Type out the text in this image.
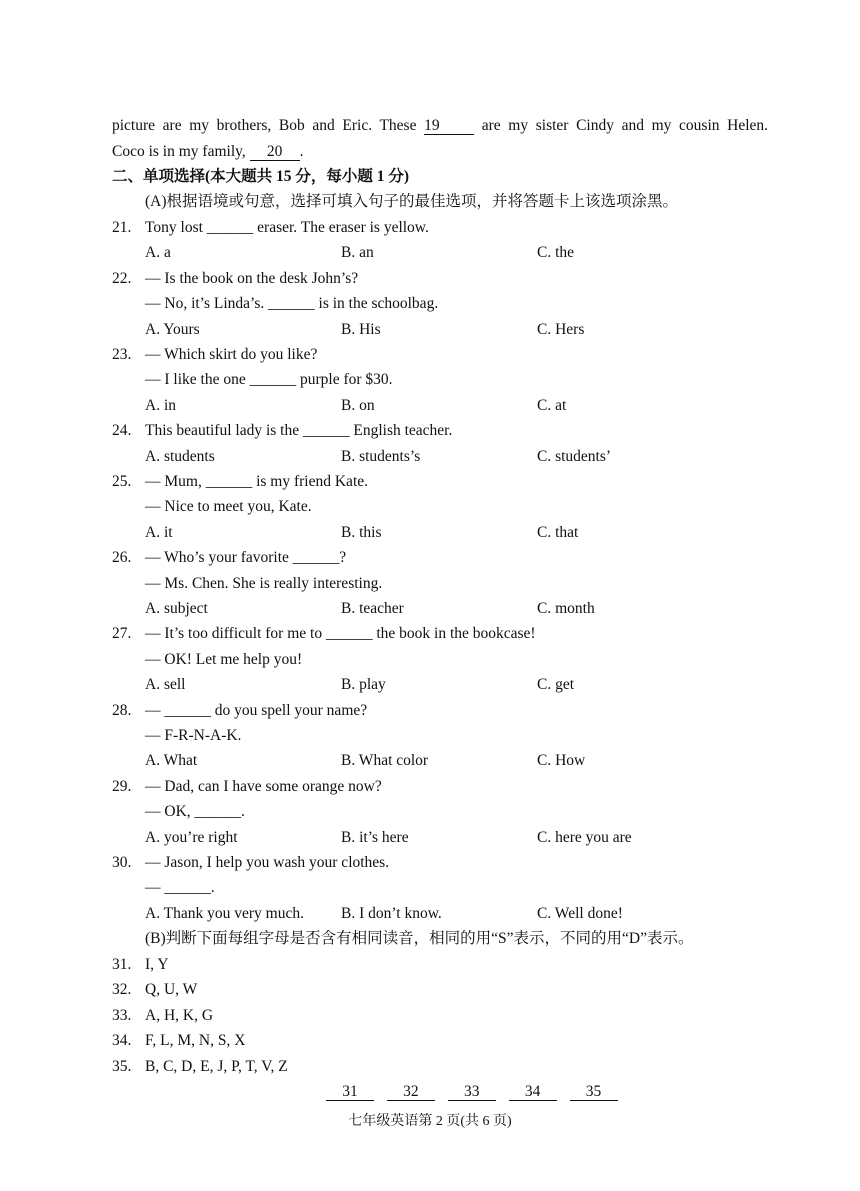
picture are my brothers, Bob and Eric. These 19	are my sister Cindy and my cousin Helen.
Coco is in my family, 20 .
二、单项选择(本大题共 15 分，每小题 1 分)
(A)根据语境或句意，选择可填入句子的最佳选项，并将答题卡上该选项涂黑。
21. Tony lost ______ eraser. The eraser is yellow.
A. a	B. an	C. the
22. — Is the book on the desk John’s?
— No, it’s Linda’s. ______ is in the schoolbag.
A. Yours	B. His	C. Hers
23. — Which skirt do you like?
— I like the one ______ purple for $30.
A. in	B. on	C. at
24. This beautiful lady is the ______ English teacher.
A. students	B. students’s	C. students’
25. — Mum, ______ is my friend Kate.
— Nice to meet you, Kate.
A. it	B. this	C. that
26. — Who’s your favorite ______?
— Ms. Chen. She is really interesting.
A. subject	B. teacher	C. month
27. — It’s too difficult for me to ______ the book in the bookcase!
— OK! Let me help you!
A. sell	B. play	C. get
28. — ______ do you spell your name?
— F-R-N-A-K.
A. What	B. What color	C. How
29. — Dad, can I have some orange now?
— OK, ______.
A. you’re right	B. it’s here	C. here you are
30. — Jason, I help you wash your clothes.
— ______.
A. Thank you very much. B. I don’t know.	C. Well done!
(B)判断下面每组字母是否含有相同读音，相同的用“S”表示，不同的用“D”表示。
31. I, Y
32. Q, U, W
33. A, H, K, G
34. F, L, M, N, S, X
35. B, C, D, E, J, P, T, V, Z
31	32	33	34	35
七年级英语第 2 页(共 6 页)
